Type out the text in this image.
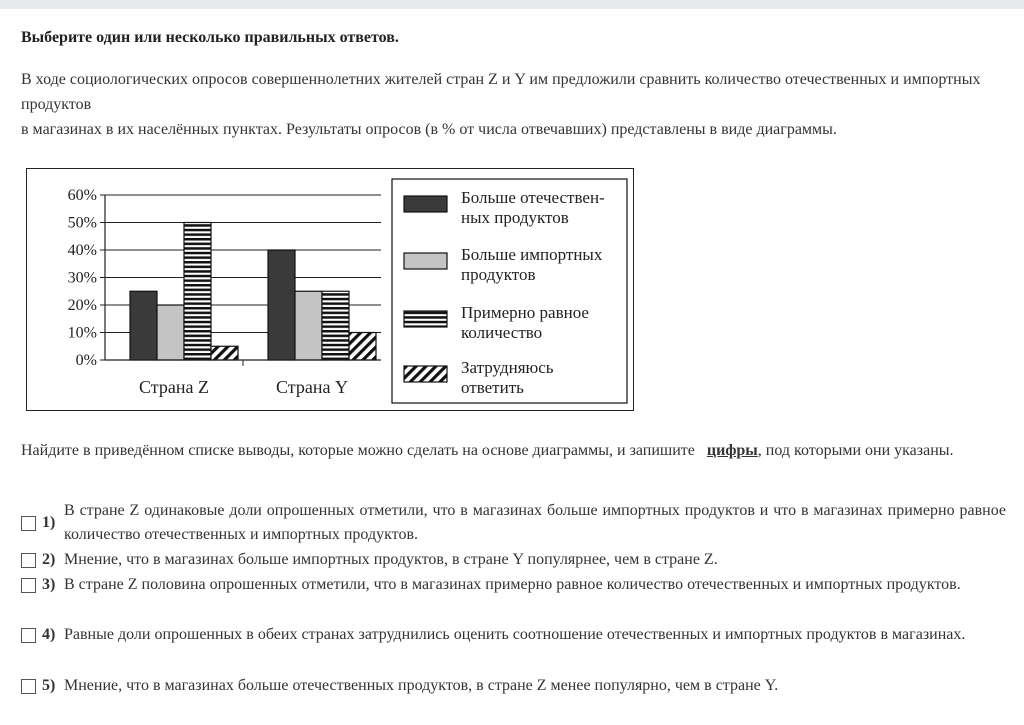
Выберите один или несколько правильных ответов.

В ходе социологических опросов совершеннолетних жителей стран Z и Y им предложили сравнить количество отечественных и импортных продуктов

в магазинах в их населённых пунктах. Результаты опросов (в % от числа отвечавших) представлены в виде диаграммы.

0%
10%
20%
30%
40%
50%
60%
Страна Z	Страна Y
Больше отечествен-
ных продуктов
Больше импортных
продуктов
Примерно равное
количество
Затрудняюсь
ответить
Найдите в приведённом списке выводы, которые можно сделать на основе диаграммы, и запишите цифры, под которыми они указаны.
1)
В стране Z одинаковые доли опрошенных отметили, что в магазинах больше импортных продуктов и что в магазинах примерно равное количество отечественных и импортных продуктов.
2) Мнение, что в магазинах больше импортных продуктов, в стране Y популярнее, чем в стране Z.
3) В стране Z половина опрошенных отметили, что в магазинах примерно равное количество отечественных и импортных продуктов.
4) Равные доли опрошенных в обеих странах затруднились оценить соотношение отечественных и импортных продуктов в магазинах.
5) Мнение, что в магазинах больше отечественных продуктов, в стране Z менее популярно, чем в стране Y.
